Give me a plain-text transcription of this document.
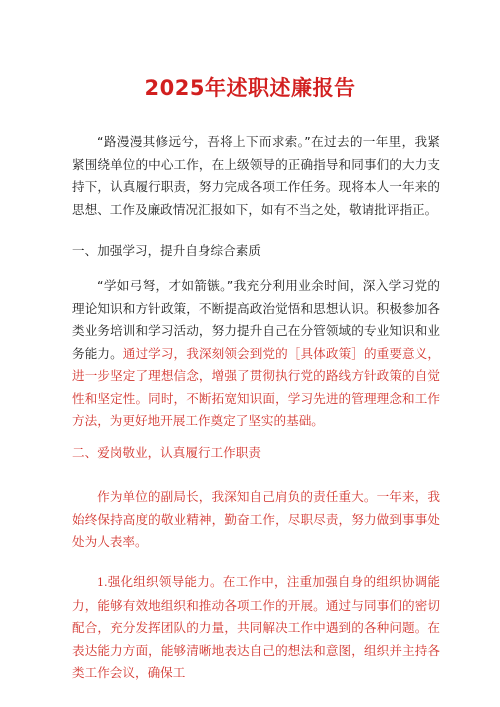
2025年述职述廉报告

“路漫漫其修远兮，吾将上下而求索。”在过去的一年里，我紧紧围绕单位的中心工作，在上级领导的正确指导和同事们的大力支持下，认真履行职责，努力完成各项工作任务。现将本人一年来的思想、工作及廉政情况汇报如下，如有不当之处，敬请批评指正。

一、加强学习，提升自身综合素质

“学如弓弩，才如箭镞。”我充分利用业余时间，深入学习党的理论知识和方针政策，不断提高政治觉悟和思想认识。积极参加各类业务培训和学习活动，努力提升自己在分管领域的专业知识和业务能力。通过学习，我深刻领会到党的［具体政策］的重要意义，进一步坚定了理想信念，增强了贯彻执行党的路线方针政策的自觉性和坚定性。同时，不断拓宽知识面，学习先进的管理理念和工作方法，为更好地开展工作奠定了坚实的基础。

二、爱岗敬业，认真履行工作职责

作为单位的副局长，我深知自己肩负的责任重大。一年来，我始终保持高度的敬业精神，勤奋工作，尽职尽责，努力做到事事处处为人表率。

1.强化组织领导能力。在工作中，注重加强自身的组织协调能力，能够有效地组织和推动各项工作的开展。通过与同事们的密切配合，充分发挥团队的力量，共同解决工作中遇到的各种问题。在表达能力方面，能够清晰地表达自己的想法和意图，组织并主持各类工作会议，确保工
